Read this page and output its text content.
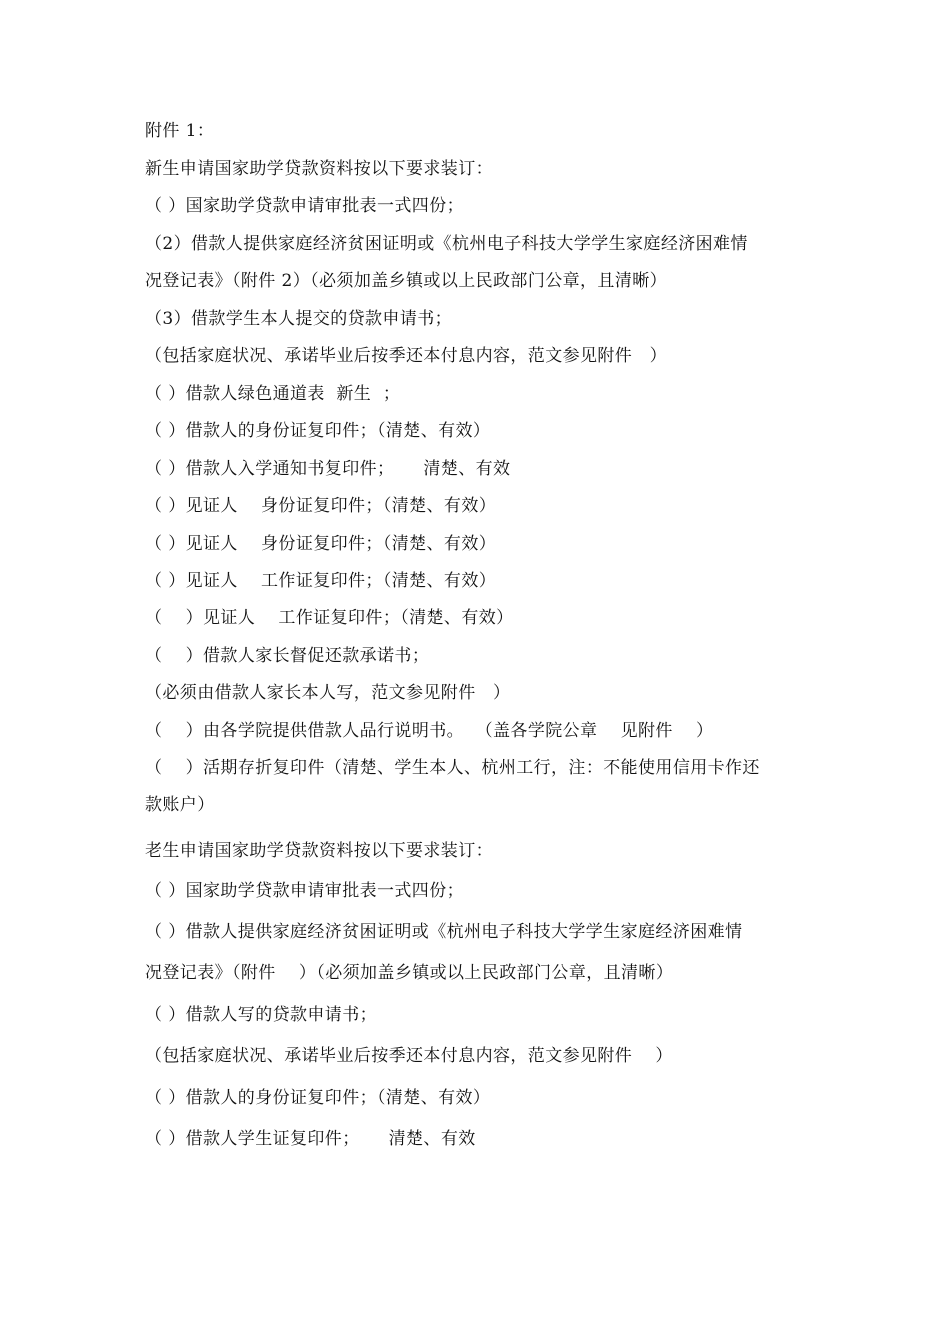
附件 1：
新生申请国家助学贷款资料按以下要求装订：
（ ）国家助学贷款申请审批表一式四份；
（2）借款人提供家庭经济贫困证明或《杭州电子科技大学学生家庭经济困难情
况登记表》（附件 2）（必须加盖乡镇或以上民政部门公章，且清晰）
（3）借款学生本人提交的贷款申请书；
（包括家庭状况、承诺毕业后按季还本付息内容，范文参见附件   ）
（ ）借款人绿色通道表  新生  ；
（ ）借款人的身份证复印件；（清楚、有效）
（ ）借款人入学通知书复印件；     清楚、有效
（ ）见证人    身份证复印件；（清楚、有效）
（ ）见证人    身份证复印件；（清楚、有效）
（ ）见证人    工作证复印件；（清楚、有效）
（    ）见证人    工作证复印件；（清楚、有效）
（    ）借款人家长督促还款承诺书；
（必须由借款人家长本人写，范文参见附件   ）
（    ）由各学院提供借款人品行说明书。  （盖各学院公章    见附件    ）
（    ）活期存折复印件（清楚、学生本人、杭州工行，注：不能使用信用卡作还
款账户）
老生申请国家助学贷款资料按以下要求装订：
（ ）国家助学贷款申请审批表一式四份；
（ ）借款人提供家庭经济贫困证明或《杭州电子科技大学学生家庭经济困难情
况登记表》（附件    ）（必须加盖乡镇或以上民政部门公章，且清晰）
（ ）借款人写的贷款申请书；
（包括家庭状况、承诺毕业后按季还本付息内容，范文参见附件    ）
（ ）借款人的身份证复印件；（清楚、有效）
（ ）借款人学生证复印件；     清楚、有效
